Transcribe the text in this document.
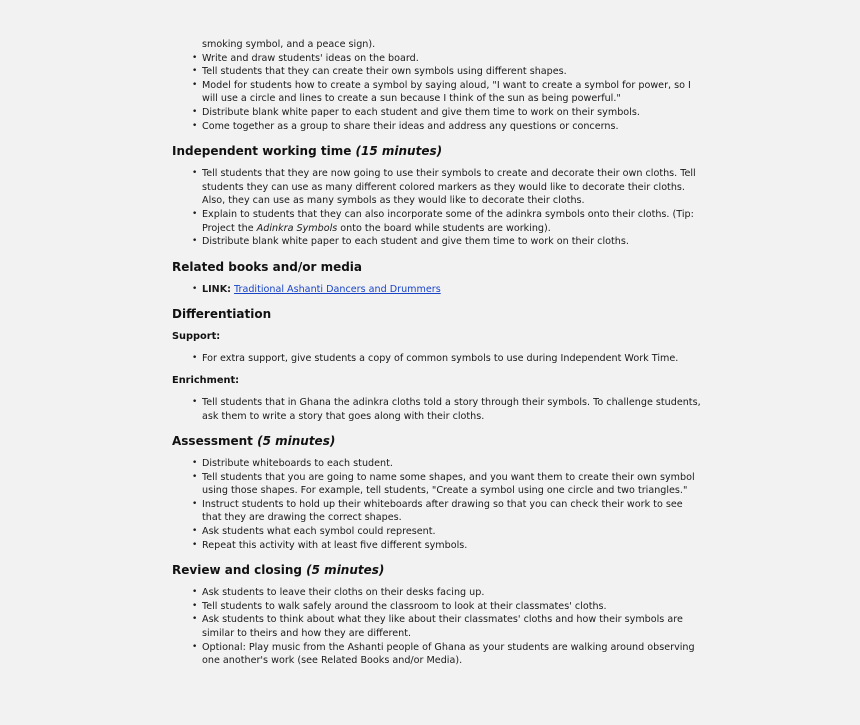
smoking symbol, and a peace sign).
• Write and draw students' ideas on the board.
• Tell students that they can create their own symbols using different shapes.
• Model for students how to create a symbol by saying aloud, "I want to create a symbol for power, so I will use a circle and lines to create a sun because I think of the sun as being powerful."
• Distribute blank white paper to each student and give them time to work on their symbols.
• Come together as a group to share their ideas and address any questions or concerns.
Independent working time (15 minutes)
• Tell students that they are now going to use their symbols to create and decorate their own cloths. Tell students they can use as many different colored markers as they would like to decorate their cloths. Also, they can use as many symbols as they would like to decorate their cloths.
• Explain to students that they can also incorporate some of the adinkra symbols onto their cloths. (Tip: Project the Adinkra Symbols onto the board while students are working).
• Distribute blank white paper to each student and give them time to work on their cloths.
Related books and/or media
• LINK: Traditional Ashanti Dancers and Drummers
Differentiation
Support:
• For extra support, give students a copy of common symbols to use during Independent Work Time.
Enrichment:
• Tell students that in Ghana the adinkra cloths told a story through their symbols. To challenge students, ask them to write a story that goes along with their cloths.
Assessment (5 minutes)
• Distribute whiteboards to each student.
• Tell students that you are going to name some shapes, and you want them to create their own symbol using those shapes. For example, tell students, "Create a symbol using one circle and two triangles."
• Instruct students to hold up their whiteboards after drawing so that you can check their work to see that they are drawing the correct shapes.
• Ask students what each symbol could represent.
• Repeat this activity with at least five different symbols.
Review and closing (5 minutes)
• Ask students to leave their cloths on their desks facing up.
• Tell students to walk safely around the classroom to look at their classmates' cloths.
• Ask students to think about what they like about their classmates' cloths and how their symbols are similar to theirs and how they are different.
• Optional: Play music from the Ashanti people of Ghana as your students are walking around observing one another's work (see Related Books and/or Media).
